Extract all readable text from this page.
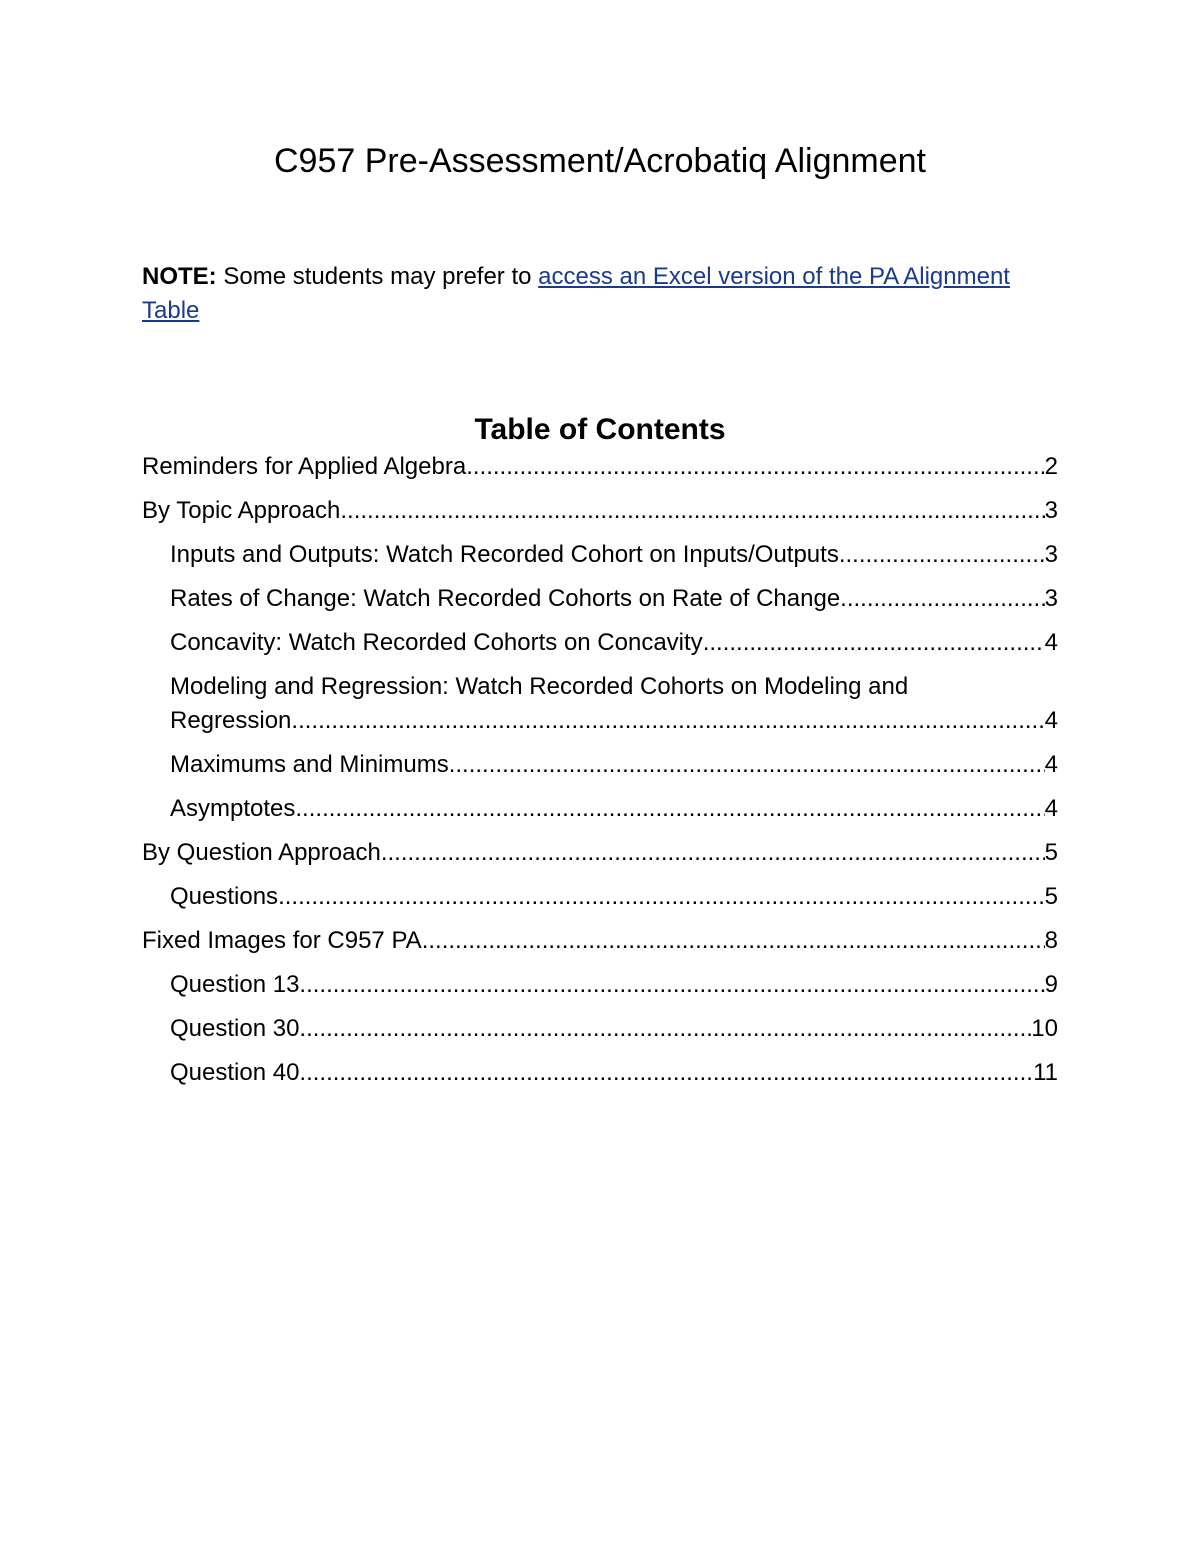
C957 Pre-Assessment/Acrobatiq Alignment

NOTE: Some students may prefer to access an Excel version of the PA Alignment Table

Table of Contents
Reminders for Applied Algebra .....	2
By Topic Approach .....	3
Inputs and Outputs: Watch Recorded Cohort on Inputs/Outputs .....	3
Rates of Change: Watch Recorded Cohorts on Rate of Change .....	3
Concavity: Watch Recorded Cohorts on Concavity .....	4
Modeling and Regression: Watch Recorded Cohorts on Modeling and
Regression .....	4
Maximums and Minimums .....	4
Asymptotes .....	4
By Question Approach .....	5
Questions .....	5
Fixed Images for C957 PA .....	8
Question 13 .....	9
Question 30 .....	10
Question 40 .....	11
